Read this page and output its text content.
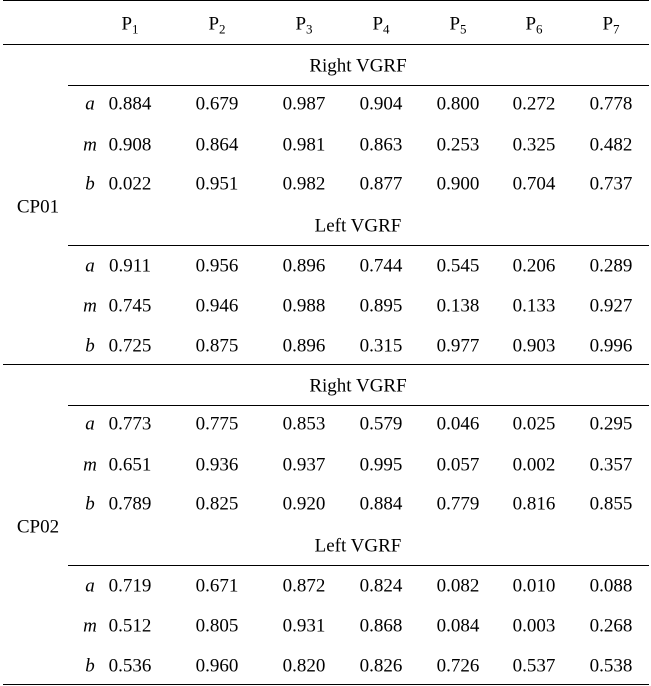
$P_1$	$P_2$	$P_3$	$P_4$	$P_5$	$P_6$	$P_7$
CP01
Right VGRF
a 0.884 0.679 0.987 0.904 0.800 0.272 0.778
m 0.908 0.864 0.981 0.863 0.253 0.325 0.482
b 0.022 0.951 0.982 0.877 0.900 0.704 0.737
Left VGRF
a 0.911 0.956 0.896 0.744 0.545 0.206 0.289
m 0.745 0.946 0.988 0.895 0.138 0.133 0.927
b 0.725 0.875 0.896 0.315 0.977 0.903 0.996
CP02
Right VGRF
a 0.773 0.775 0.853 0.579 0.046 0.025 0.295
m 0.651 0.936 0.937 0.995 0.057 0.002 0.357
b 0.789 0.825 0.920 0.884 0.779 0.816 0.855
Left VGRF
a 0.719 0.671 0.872 0.824 0.082 0.010 0.088
m 0.512 0.805 0.931 0.868 0.084 0.003 0.268
b 0.536 0.960 0.820 0.826 0.726 0.537 0.538
